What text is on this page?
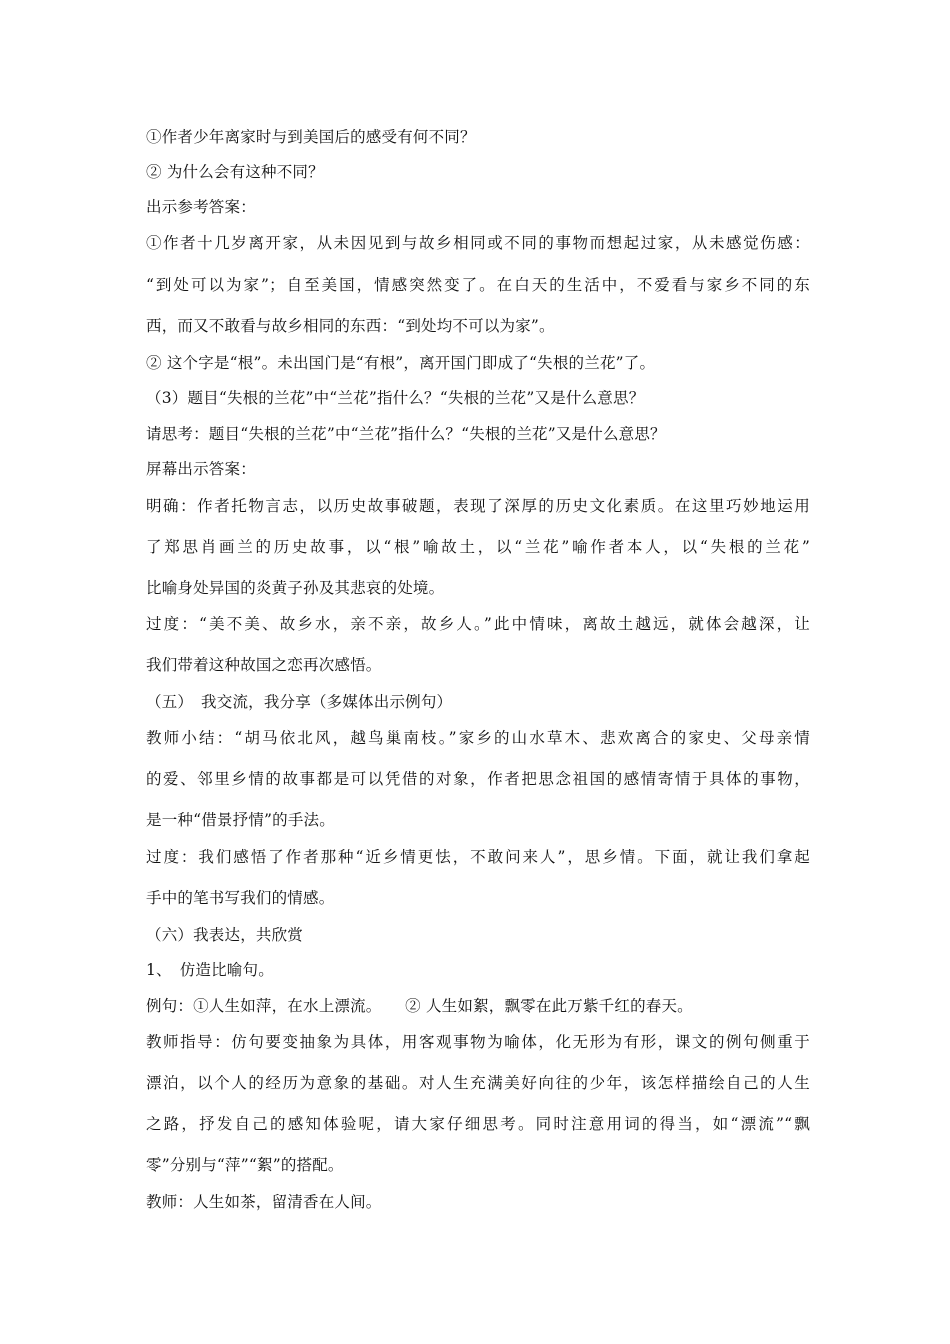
①作者少年离家时与到美国后的感受有何不同？
② 为什么会有这种不同？
出示参考答案：
①作者十几岁离开家，从未因见到与故乡相同或不同的事物而想起过家，从未感觉伤感：
“到处可以为家”；自至美国，情感突然变了。在白天的生活中，不爱看与家乡不同的东
西，而又不敢看与故乡相同的东西：“到处均不可以为家”。
② 这个字是“根”。未出国门是“有根”，离开国门即成了“失根的兰花”了。
（3）题目“失根的兰花”中“兰花”指什么？“失根的兰花”又是什么意思？
请思考：题目“失根的兰花”中“兰花”指什么？“失根的兰花”又是什么意思？
屏幕出示答案：
明确：作者托物言志，以历史故事破题，表现了深厚的历史文化素质。在这里巧妙地运用
了郑思肖画兰的历史故事，以“根”喻故土，以“兰花”喻作者本人，以“失根的兰花”
比喻身处异国的炎黄子孙及其悲哀的处境。
过度：“美不美、故乡水，亲不亲，故乡人。”此中情味，离故土越远，就体会越深，让
我们带着这种故国之恋再次感悟。
（五）　我交流，我分享（多媒体出示例句）
教师小结：“胡马依北风，越鸟巢南枝。”家乡的山水草木、悲欢离合的家史、父母亲情
的爱、邻里乡情的故事都是可以凭借的对象，作者把思念祖国的感情寄情于具体的事物，
是一种“借景抒情”的手法。
过度：我们感悟了作者那种“近乡情更怯，不敢问来人”，思乡情。下面，就让我们拿起
手中的笔书写我们的情感。
（六）我表达，共欣赏
1、　仿造比喻句。
例句：①人生如萍，在水上漂流。　　② 人生如絮，飘零在此万紫千红的春天。
教师指导：仿句要变抽象为具体，用客观事物为喻体，化无形为有形，课文的例句侧重于
漂泊，以个人的经历为意象的基础。对人生充满美好向往的少年，该怎样描绘自己的人生
之路，抒发自己的感知体验呢，请大家仔细思考。同时注意用词的得当，如“漂流”“飘
零”分别与“萍”“絮”的搭配。
教师：人生如茶，留清香在人间。
